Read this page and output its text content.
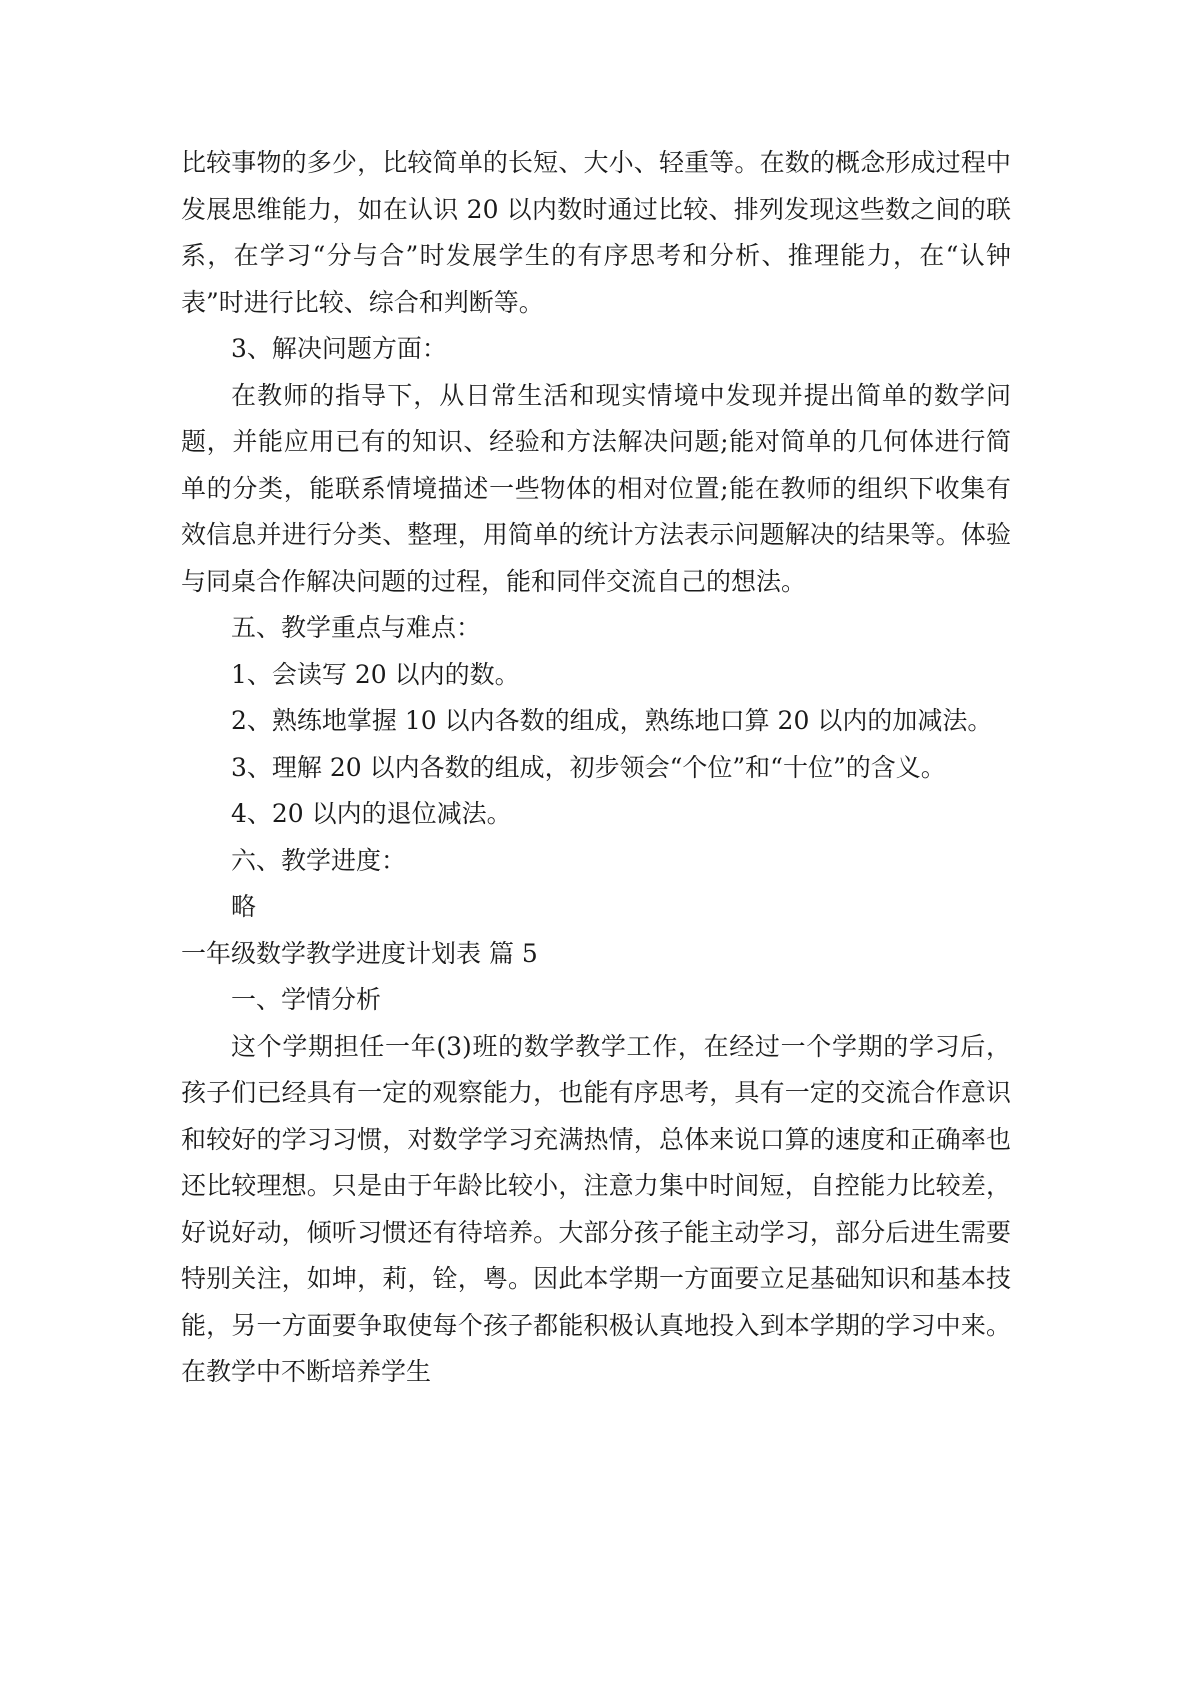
比较事物的多少，比较简单的长短、大小、轻重等。在数的概念形成过程中发展思维能力，如在认识 20 以内数时通过比较、排列发现这些数之间的联系，在学习“分与合”时发展学生的有序思考和分析、推理能力，在“认钟表”时进行比较、综合和判断等。

3、解决问题方面：

在教师的指导下，从日常生活和现实情境中发现并提出简单的数学问题，并能应用已有的知识、经验和方法解决问题;能对简单的几何体进行简单的分类，能联系情境描述一些物体的相对位置;能在教师的组织下收集有效信息并进行分类、整理，用简单的统计方法表示问题解决的结果等。体验与同桌合作解决问题的过程，能和同伴交流自己的想法。

五、教学重点与难点：

1、会读写 20 以内的数。

2、熟练地掌握 10 以内各数的组成，熟练地口算 20 以内的加减法。

3、理解 20 以内各数的组成，初步领会“个位”和“十位”的含义。

4、20 以内的退位减法。

六、教学进度：

略

一年级数学教学进度计划表 篇 5

一、学情分析

这个学期担任一年(3)班的数学教学工作，在经过一个学期的学习后，孩子们已经具有一定的观察能力，也能有序思考，具有一定的交流合作意识和较好的学习习惯，对数学学习充满热情，总体来说口算的速度和正确率也还比较理想。只是由于年龄比较小，注意力集中时间短，自控能力比较差，好说好动，倾听习惯还有待培养。大部分孩子能主动学习，部分后进生需要特别关注，如坤，莉，铨，粤。因此本学期一方面要立足基础知识和基本技能，另一方面要争取使每个孩子都能积极认真地投入到本学期的学习中来。在教学中不断培养学生
